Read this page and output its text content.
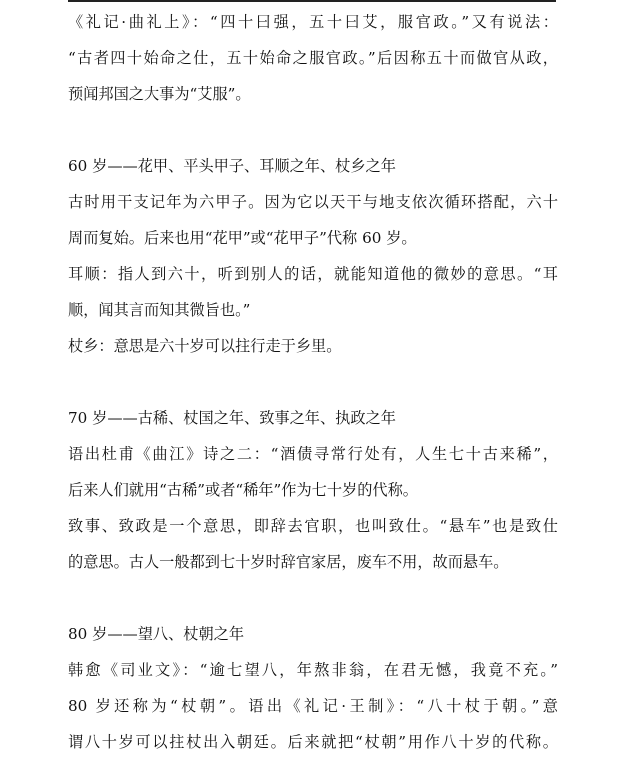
《礼记·曲礼上》：“四十曰强，五十曰艾，服官政。”又有说法：
“古者四十始命之仕，五十始命之服官政。”后因称五十而做官从政，
预闻邦国之大事为“艾服”。
60 岁——花甲、平头甲子、耳顺之年、杖乡之年
古时用干支记年为六甲子。因为它以天干与地支依次循环搭配，六十
周而复始。后来也用“花甲”或“花甲子”代称 60 岁。
耳顺：指人到六十，听到别人的话，就能知道他的微妙的意思。“耳
顺，闻其言而知其微旨也。”
杖乡：意思是六十岁可以拄行走于乡里。
70 岁——古稀、杖国之年、致事之年、执政之年
语出杜甫《曲江》诗之二：“酒债寻常行处有，人生七十古来稀”，
后来人们就用“古稀”或者“稀年”作为七十岁的代称。
致事、致政是一个意思，即辞去官职，也叫致仕。“悬车”也是致仕
的意思。古人一般都到七十岁时辞官家居，废车不用，故而悬车。
80 岁——望八、杖朝之年
韩愈《司业文》：“逾七望八，年熬非翁，在君无憾，我竟不充。”
80 岁还称为“杖朝”。语出《礼记·王制》：“八十杖于朝。”意
谓八十岁可以拄杖出入朝廷。后来就把“杖朝”用作八十岁的代称。
